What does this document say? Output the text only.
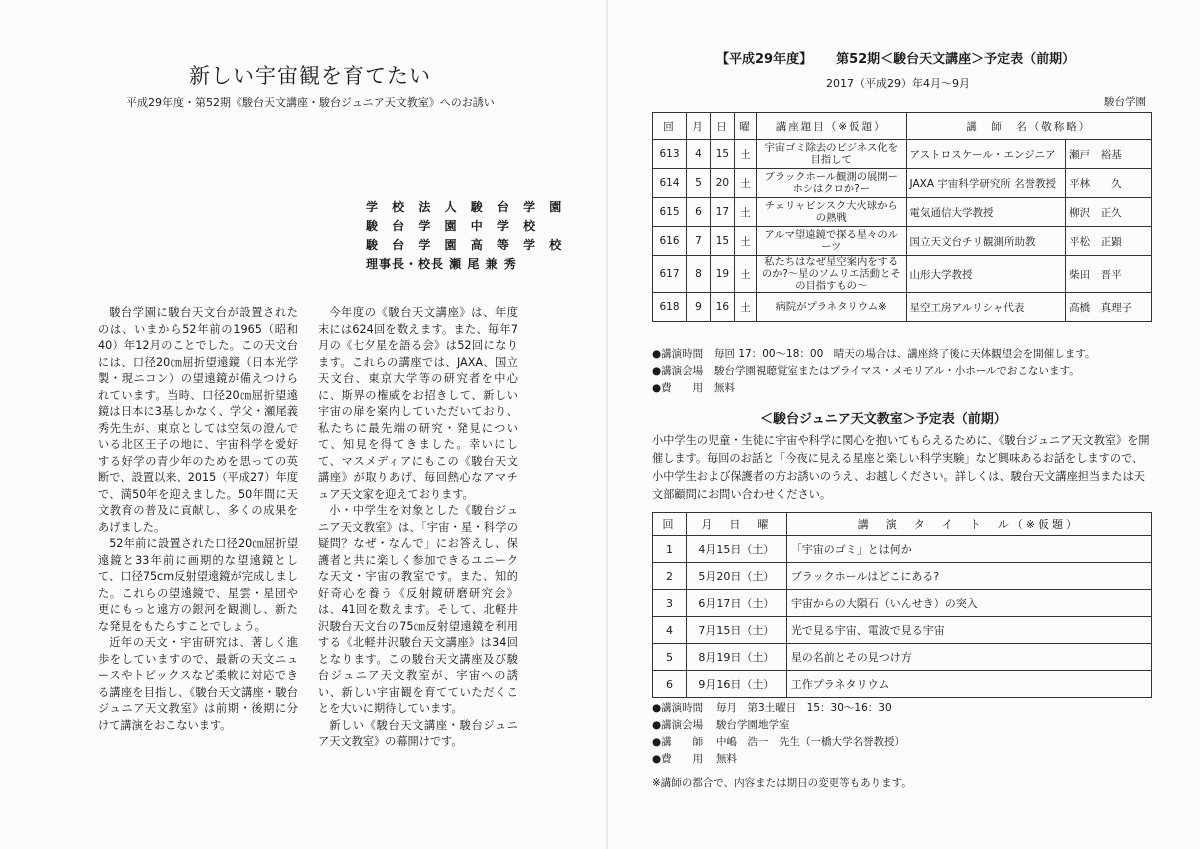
新しい宇宙観を育てたい
平成29年度・第52期《駿台天文講座・駿台ジュニア天文教室》へのお誘い
学 校 法 人 駿 台 学 園
駿 台 学 園 中 学 校
駿 台 学 園 高 等 学 校
理事長・校長 瀬 尾 兼 秀

駿台学園に駿台天文台が設置されたのは、いまから52年前の1965（昭和40）年12月のことでした。この天文台には、口径20㎝屈折望遠鏡（日本光学製・現ニコン）の望遠鏡が備えつけられています。当時、口径20㎝屈折望遠鏡は日本に3基しかなく、学父・瀬尾義秀先生が、東京としては空気の澄んでいる北区王子の地に、宇宙科学を愛好する好学の青少年のためを思っての英断で、設置以来、2015（平成27）年度で、満50年を迎えました。50年間に天文教育の普及に貢献し、多くの成果をあげました。

52年前に設置された口径20㎝屈折望遠鏡と33年前に画期的な望遠鏡として、口径75cm反射望遠鏡が完成しました。これらの望遠鏡で、星雲・星団や更にもっと遠方の銀河を観測し、新たな発見をもたらすことでしょう。

近年の天文・宇宙研究は、著しく進歩をしていますので、最新の天文ニュースやトピックスなど柔軟に対応できる講座を目指し、《駿台天文講座・駿台ジュニア天文教室》は前期・後期に分けて講演をおこないます。

今年度の《駿台天文講座》は、年度末には624回を数えます。また、毎年7月の《七夕星を語る会》は52回になります。これらの講座では、JAXA、国立天文台、東京大学等の研究者を中心に、斯界の権威をお招きして、新しい宇宙の扉を案内していただいており、私たちに最先端の研究・発見について、知見を得てきました。幸いにして、マスメディアにもこの《駿台天文講座》が取りあげ、毎回熱心なアマチュア天文家を迎えております。

小・中学生を対象とした《駿台ジュニア天文教室》は、「宇宙・星・科学の疑問？なぜ・なんで」にお答えし、保護者と共に楽しく参加できるユニークな天文・宇宙の教室です。また、知的好奇心を養う《反射鏡研磨研究会》は、41回を数えます。そして、北軽井沢駿台天文台の75㎝反射望遠鏡を利用する《北軽井沢駿台天文講座》は34回となります。この駿台天文講座及び駿台ジュニア天文教室が、宇宙への誘い、新しい宇宙観を育てていただくことを大いに期待しています。

新しい《駿台天文講座・駿台ジュニア天文教室》の幕開けです。

【平成29年度】 第52期＜駿台天文講座＞予定表（前期）
2017（平成29）年4月〜9月
駿台学園
回	月	日	曜	講座題目（※仮題）	講　師　名（敬称略）	
613	4	15	土	宇宙ゴミ除去のビジネス化を目指して	アストロスケール・エンジニア	瀬戸　裕基
614	5	20	土	ブラックホール観測の展開ーホシはクロか?ー	JAXA 宇宙科学研究所 名誉教授	平林　　久
615	6	17	土	チェリャビンスク大火球からの熱戦	電気通信大学教授	柳沢　正久
616	7	15	土	アルマ望遠鏡で探る星々のルーツ	国立天文台チリ観測所助教	平松　正顕
617	8	19	土	私たちはなぜ星空案内をするのか?〜星のソムリエ活動とその目指すもの〜	山形大学教授	柴田　晋平
618	9	16	土	病院がプラネタリウム※	星空工房アルリシャ代表	高橋　真理子
●講演時間 毎回 17：00〜18：00　晴天の場合は、講座終了後に天体観望会を開催します。
●講演会場 駿台学園視聴覚室またはプライマス・メモリアル・小ホールでおこないます。
●費　　用 無料
＜駿台ジュニア天文教室＞予定表（前期）
小中学生の児童・生徒に宇宙や科学に関心を抱いてもらえるために、《駿台ジュニア天文教室》を開催します。毎回のお話と「今夜に見える星座と楽しい科学実験」など興味あるお話をしますので、小中学生および保護者の方お誘いのうえ、お越しください。詳しくは、駿台天文講座担当または天文部顧問にお問い合わせください。
回	月　日　曜	講　演　タ　イ　ト　ル（※仮題）
1	4月15日（土）	「宇宙のゴミ」とは何か
2	5月20日（土）	ブラックホールはどこにある?
3	6月17日（土）	宇宙からの大隕石（いんせき）の突入
4	7月15日（土）	光で見る宇宙、電波で見る宇宙
5	8月19日（土）	星の名前とその見つけ方
6	9月16日（土）	工作プラネタリウム
●講演時間 毎月　第3土曜日　15：30〜16：30
●講演会場 駿台学園地学室
●講　　師 中嶋　浩一　先生（一橋大学名誉教授）
●費　　用 無料
※講師の都合で、内容または期日の変更等もあります。
